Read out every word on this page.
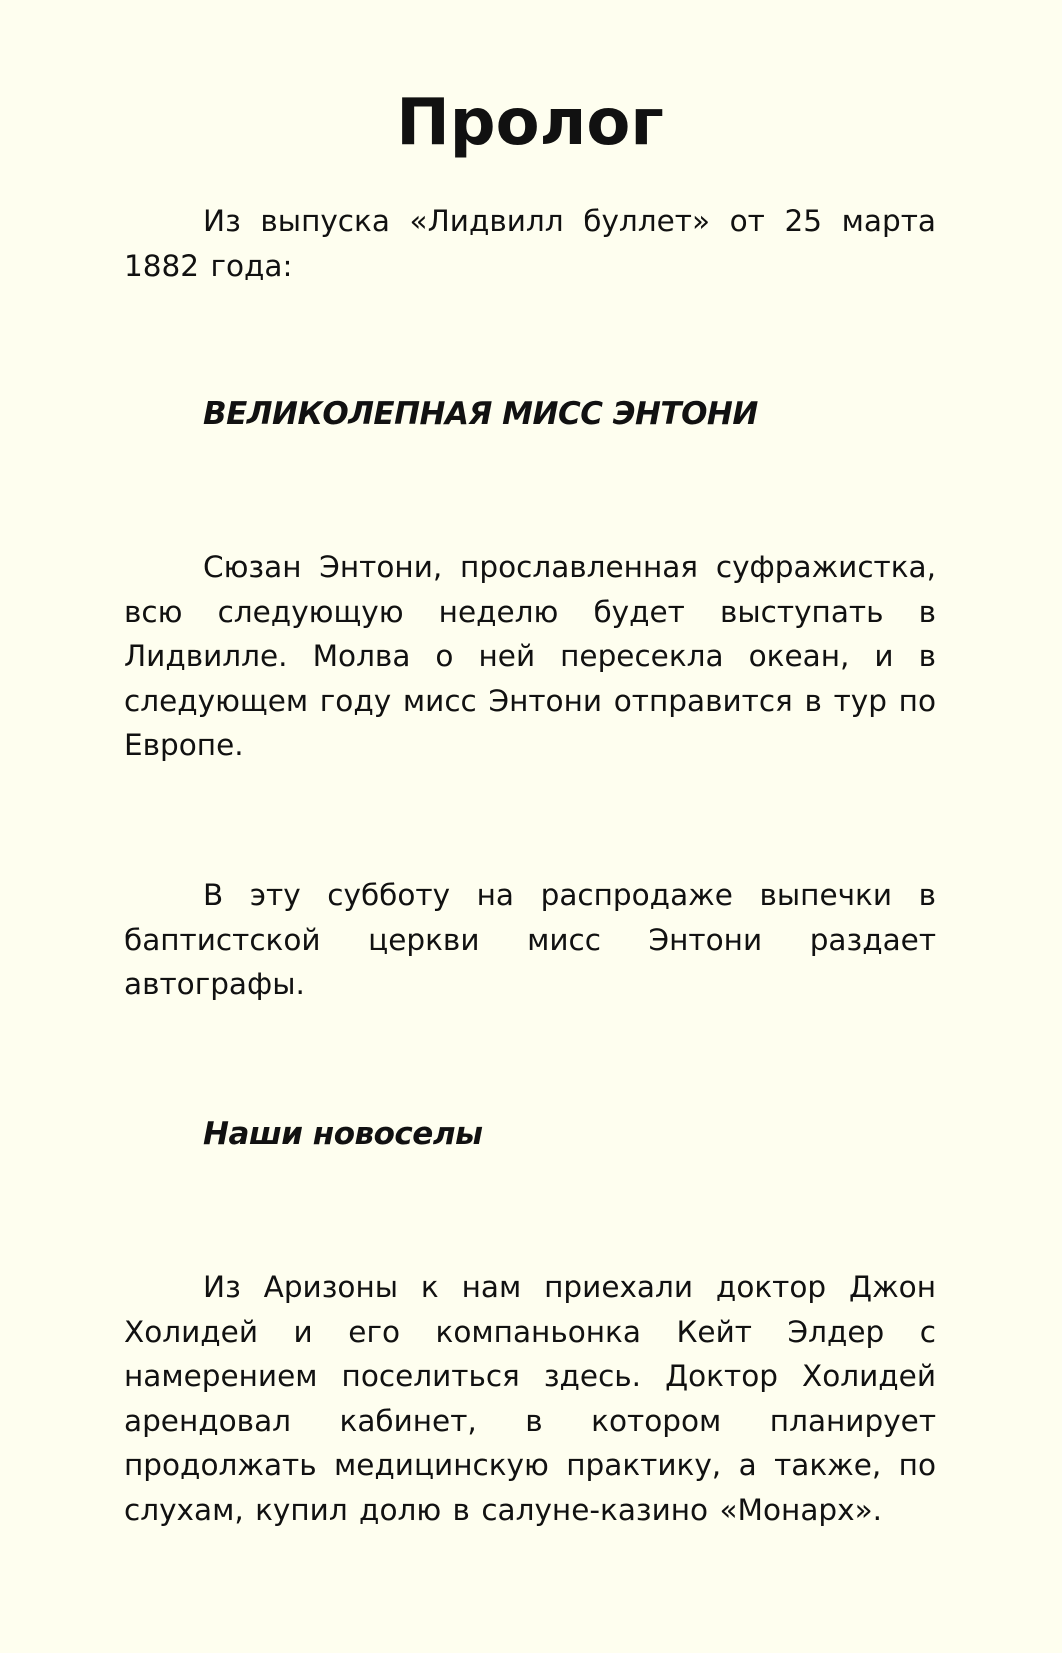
Пролог

Из выпуска «Лидвилл буллет» от 25 марта 1882 года:

ВЕЛИКОЛЕПНАЯ МИСС ЭНТОНИ

Сюзан Энтони, прославленная суфражистка, всю следующую неделю будет выступать в Лидвилле. Молва о ней пересекла океан, и в следующем году мисс Энтони отправится в тур по Европе.

В эту субботу на распродаже выпечки в баптистской церкви мисс Энтони раздает автографы.

Наши новоселы

Из Аризоны к нам приехали доктор Джон Холидей и его компаньонка Кейт Элдер с намерением поселиться здесь. Доктор Холидей арендовал кабинет, в котором планирует продолжать медицинскую практику, а также, по слухам, купил долю в салуне-казино «Монарх».
